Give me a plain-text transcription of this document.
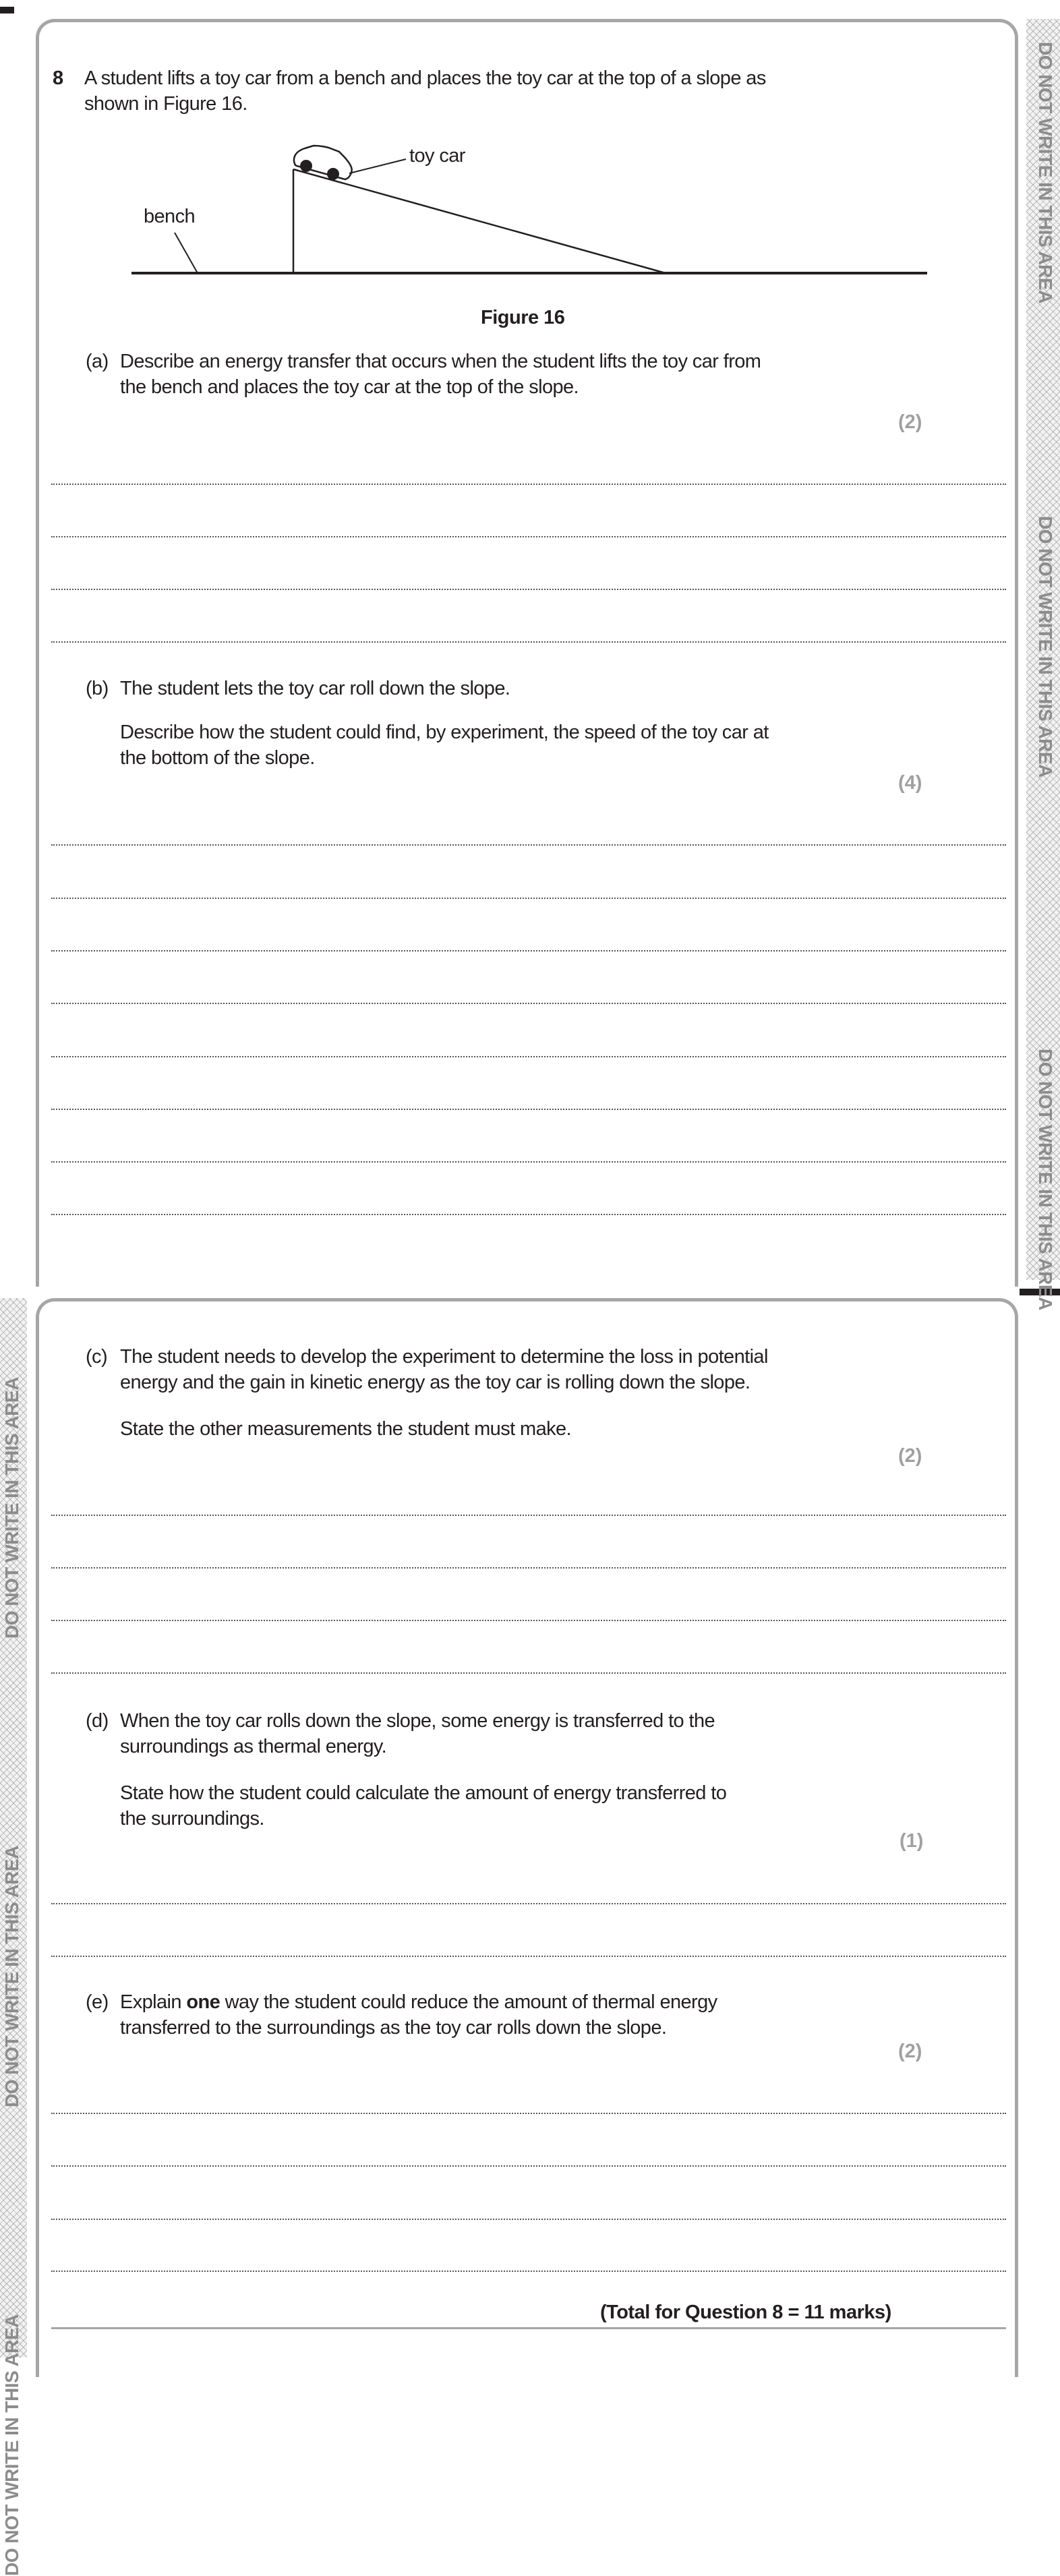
DO NOT WRITE IN THIS AREA
DO NOT WRITE IN THIS AREA
DO NOT WRITE IN THIS AREA
DO NOT WRITE IN THIS AREA
DO NOT WRITE IN THIS AREA
DO NOT WRITE IN THIS AREA
8 A student lifts a toy car from a bench and places the toy car at the top of a slope as
shown in Figure 16.
toy car
bench
Figure 16
(a) Describe an energy transfer that occurs when the student lifts the toy car from
the bench and places the toy car at the top of the slope.
(2)
(b) The student lets the toy car roll down the slope.
Describe how the student could find, by experiment, the speed of the toy car at
the bottom of the slope.
(4)
(c) The student needs to develop the experiment to determine the loss in potential
energy and the gain in kinetic energy as the toy car is rolling down the slope.
State the other measurements the student must make.
(2)
(d) When the toy car rolls down the slope, some energy is transferred to the
surroundings as thermal energy.
State how the student could calculate the amount of energy transferred to
the surroundings.
(1)
(e) Explain one way the student could reduce the amount of thermal energy
transferred to the surroundings as the toy car rolls down the slope.
(2)
(Total for Question 8 = 11 marks)
